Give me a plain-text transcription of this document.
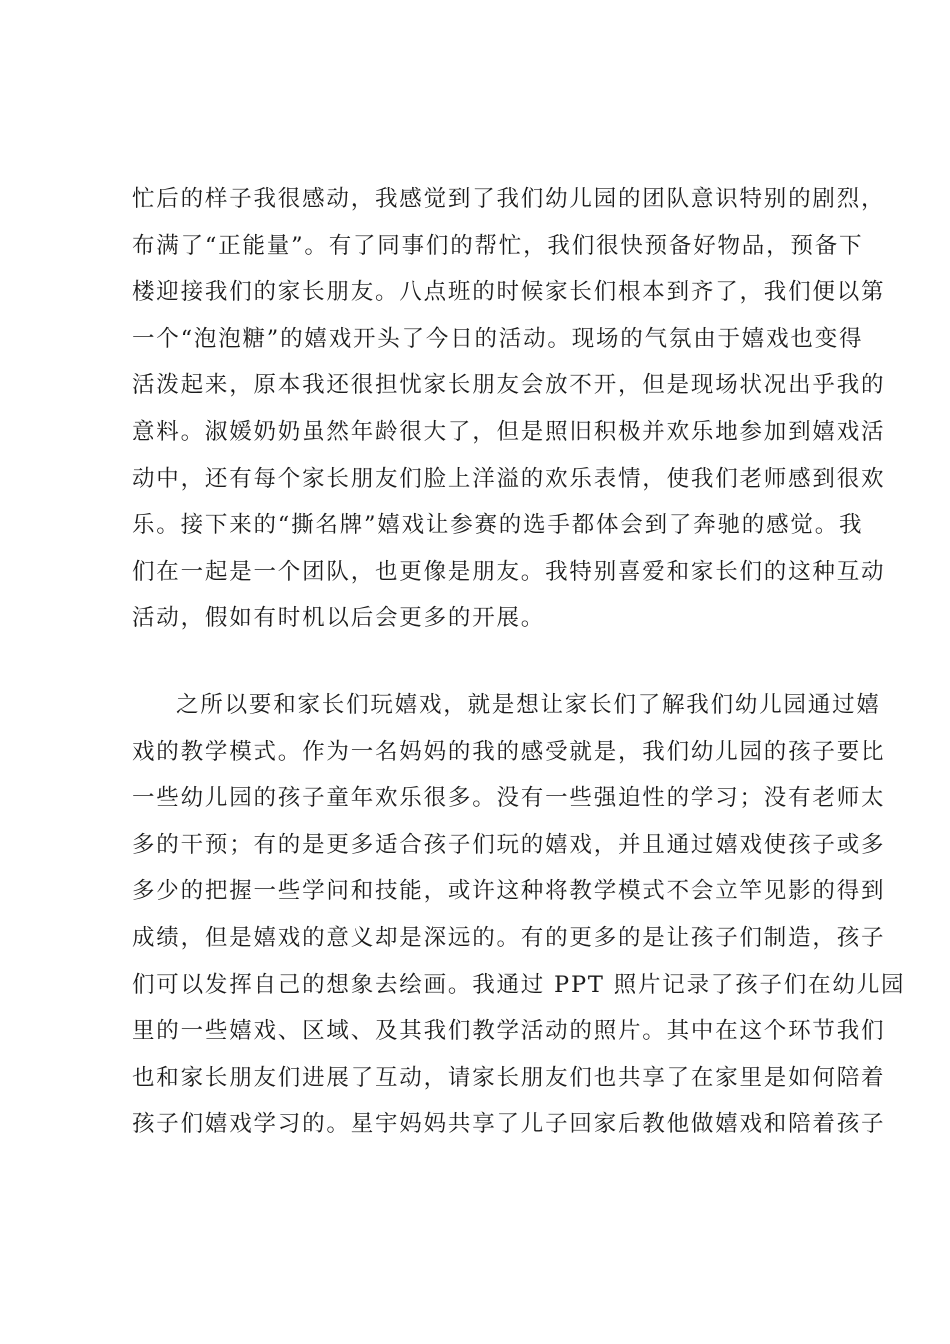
忙后的样子我很感动，我感觉到了我们幼儿园的团队意识特别的剧烈，
布满了“正能量”。有了同事们的帮忙，我们很快预备好物品，预备下
楼迎接我们的家长朋友。八点班的时候家长们根本到齐了，我们便以第
一个“泡泡糖”的嬉戏开头了今日的活动。现场的气氛由于嬉戏也变得
活泼起来，原本我还很担忧家长朋友会放不开，但是现场状况出乎我的
意料。淑媛奶奶虽然年龄很大了，但是照旧积极并欢乐地参加到嬉戏活
动中，还有每个家长朋友们脸上洋溢的欢乐表情，使我们老师感到很欢
乐。接下来的“撕名牌”嬉戏让参赛的选手都体会到了奔驰的感觉。我
们在一起是一个团队，也更像是朋友。我特别喜爱和家长们的这种互动
活动，假如有时机以后会更多的开展。
之所以要和家长们玩嬉戏，就是想让家长们了解我们幼儿园通过嬉
戏的教学模式。作为一名妈妈的我的感受就是，我们幼儿园的孩子要比
一些幼儿园的孩子童年欢乐很多。没有一些强迫性的学习；没有老师太
多的干预；有的是更多适合孩子们玩的嬉戏，并且通过嬉戏使孩子或多
多少的把握一些学问和技能，或许这种将教学模式不会立竿见影的得到
成绩，但是嬉戏的意义却是深远的。有的更多的是让孩子们制造，孩子
们可以发挥自己的想象去绘画。我通过 PPT 照片记录了孩子们在幼儿园
里的一些嬉戏、区域、及其我们教学活动的照片。其中在这个环节我们
也和家长朋友们进展了互动，请家长朋友们也共享了在家里是如何陪着
孩子们嬉戏学习的。星宇妈妈共享了儿子回家后教他做嬉戏和陪着孩子
